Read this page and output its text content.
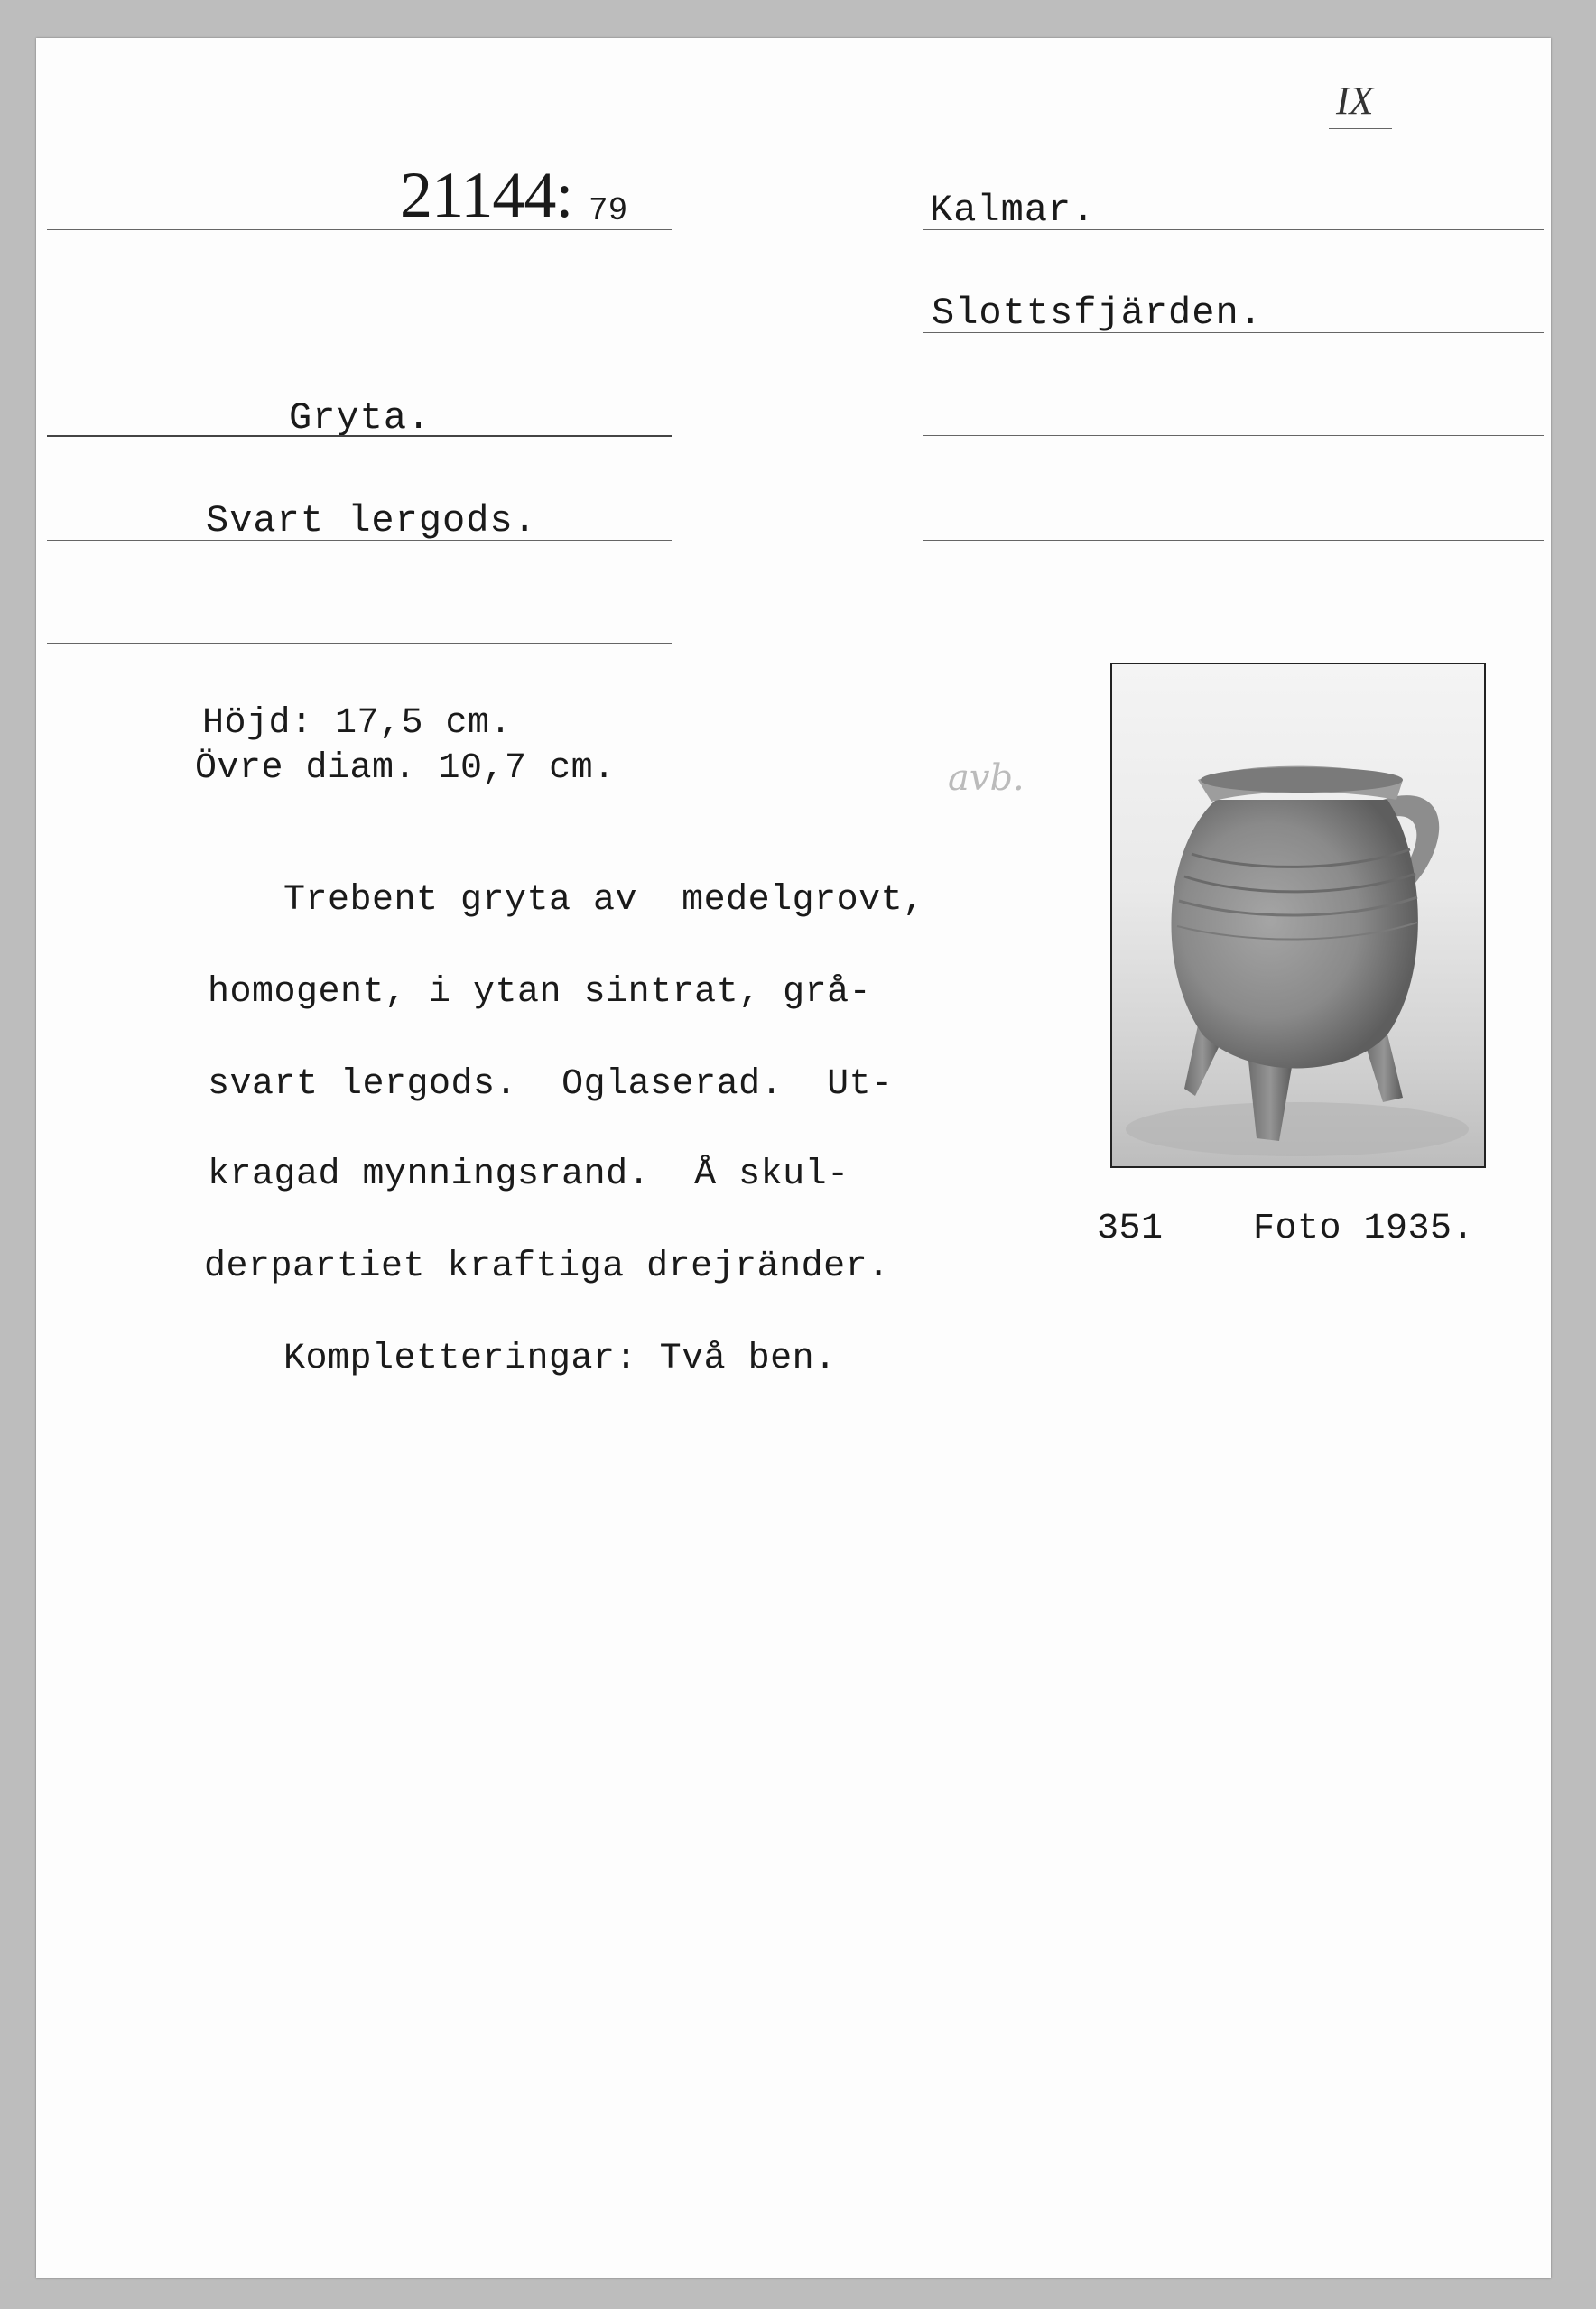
IX
21144: 79	Kalmar.
Slottsfjärden.
Gryta.
Svart lergods.
Höjd: 17,5 cm.
Övre diam. 10,7 cm.	avb.
Trebent gryta av  medelgrovt,
homogent, i ytan sintrat, grå-
svart lergods.  Oglaserad.  Ut-
kragad mynningsrand.  Å skul-
derpartiet kraftiga drejränder.
Kompletteringar: Två ben.
351 Foto 1935.
